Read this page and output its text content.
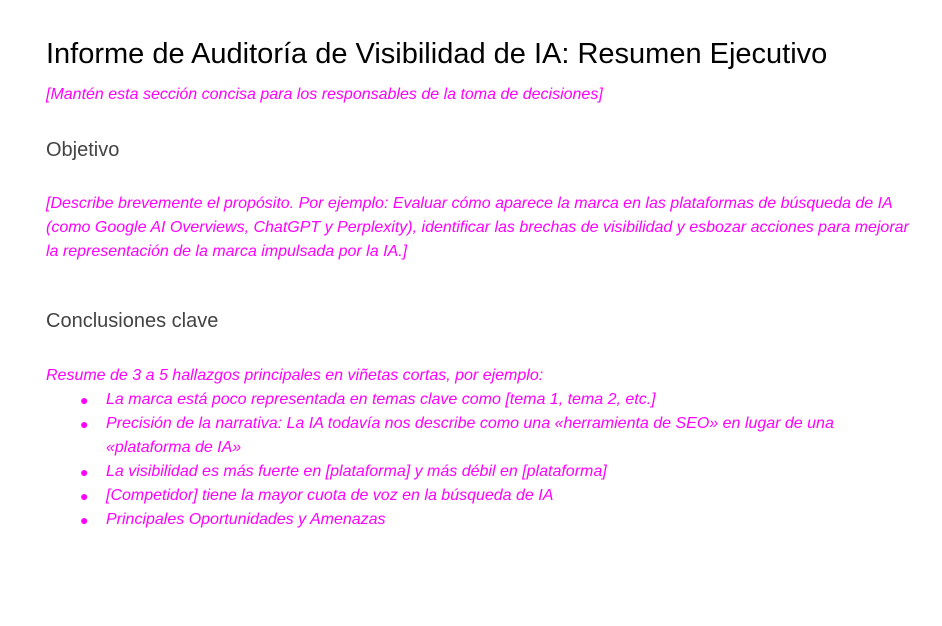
Informe de Auditoría de Visibilidad de IA: Resumen Ejecutivo

[Mantén esta sección concisa para los responsables de la toma de decisiones]

Objetivo

[Describe brevemente el propósito. Por ejemplo: Evaluar cómo aparece la marca en las plataformas de búsqueda de IA (como Google AI Overviews, ChatGPT y Perplexity), identificar las brechas de visibilidad y esbozar acciones para mejorar la representación de la marca impulsada por la IA.]

Conclusiones clave

Resume de 3 a 5 hallazgos principales en viñetas cortas, por ejemplo:

● La marca está poco representada en temas clave como [tema 1, tema 2, etc.]
● Precisión de la narrativa: La IA todavía nos describe como una «herramienta de SEO» en lugar de una «plataforma de IA»
● La visibilidad es más fuerte en [plataforma] y más débil en [plataforma]
● [Competidor] tiene la mayor cuota de voz en la búsqueda de IA
● Principales Oportunidades y Amenazas
